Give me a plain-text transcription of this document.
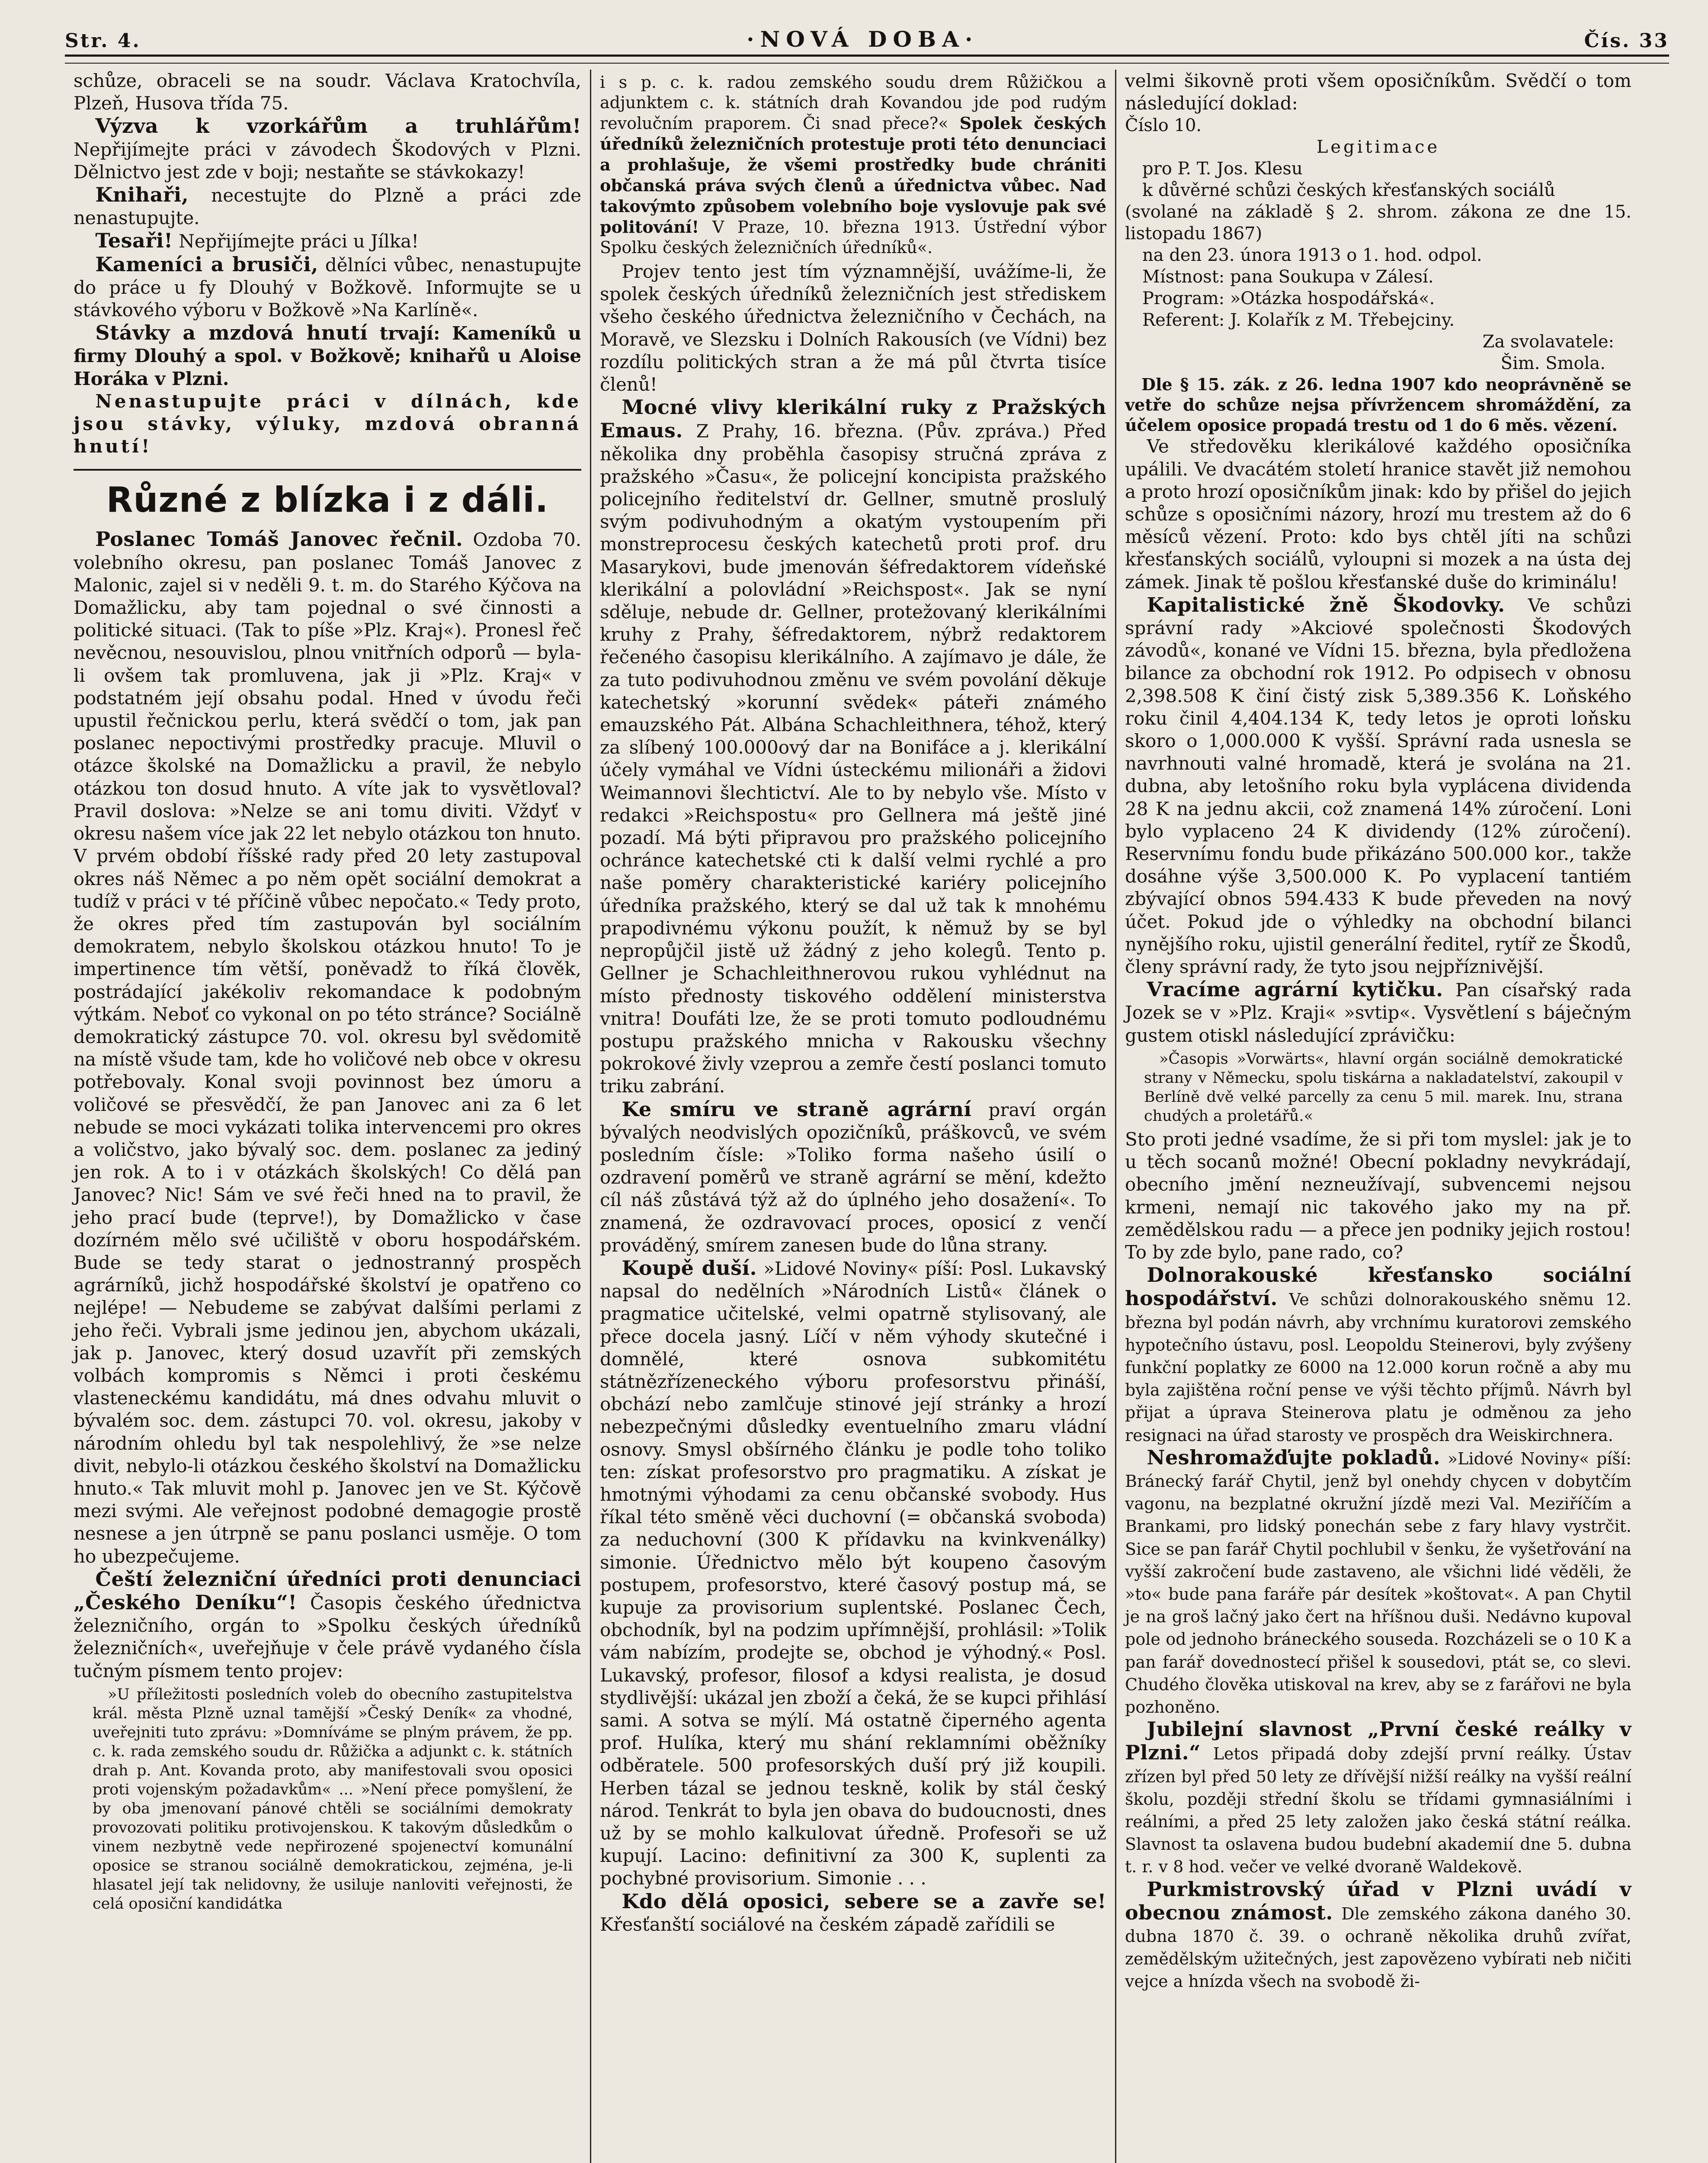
Str. 4.	·NOVÁ DOBA·	Čís. 33

schůze, obraceli se na soudr. Václava Kratochvíla, Plzeň, Husova třída 75.

Výzva k vzorkářům a truhlářům! Nepřijímejte práci v závodech Škodových v Plzni. Dělnictvo jest zde v boji; nestaňte se stávkokazy!

Knihaři, necestujte do Plzně a práci zde nenastupujte.

Tesaři! Nepřijímejte práci u Jílka!

Kameníci a brusiči, dělníci vůbec, nenastupujte do práce u fy Dlouhý v Božkově. Informujte se u stávkového výboru v Božkově »Na Karlíně«.

Stávky a mzdová hnutí trvají: Kameníků u firmy Dlouhý a spol. v Božkově; knihařů u Aloise Horáka v Plzni.

Nenastupujte práci v dílnách, kde jsou stávky, výluky, mzdová obranná hnutí!

Různé z blízka i z dáli.

Poslanec Tomáš Janovec řečnil. Ozdoba 70. volebního okresu, pan poslanec Tomáš Janovec z Malonic, zajel si v neděli 9. t. m. do Starého Kýčova na Domažlicku, aby tam pojednal o své činnosti a politické situaci. (Tak to píše »Plz. Kraj«). Pronesl řeč nevěcnou, nesouvislou, plnou vnitřních odporů — byla-li ovšem tak promluvena, jak ji »Plz. Kraj« v podstatném její obsahu podal. Hned v úvodu řeči upustil řečnickou perlu, která svědčí o tom, jak pan poslanec nepoctivými prostředky pracuje. Mluvil o otázce školské na Domažlicku a pravil, že nebylo otázkou ton dosud hnuto. A víte jak to vysvětloval? Pravil doslova: »Nelze se ani tomu diviti. Vždyť v okresu našem více jak 22 let nebylo otázkou ton hnuto. V prvém období říšské rady před 20 lety zastupoval okres náš Němec a po něm opět sociální demokrat a tudíž v práci v té příčině vůbec nepočato.« Tedy proto, že okres před tím zastupován byl sociálním demokratem, nebylo školskou otázkou hnuto! To je impertinence tím větší, poněvadž to říká člověk, postrádající jakékoliv rekomandace k podobným výtkám. Neboť co vykonal on po této stránce? Sociálně demokratický zástupce 70. vol. okresu byl svědomitě na místě všude tam, kde ho voličové neb obce v okresu potřebovaly. Konal svoji povinnost bez úmoru a voličové se přesvědčí, že pan Janovec ani za 6 let nebude se moci vykázati tolika intervencemi pro okres a voličstvo, jako bývalý soc. dem. poslanec za jediný jen rok. A to i v otázkách školských! Co dělá pan Janovec? Nic! Sám ve své řeči hned na to pravil, že jeho prací bude (teprve!), by Domažlicko v čase dozírném mělo své učiliště v oboru hospodářském. Bude se tedy starat o jednostranný prospěch agrárníků, jichž hospodářské školství je opatřeno co nejlépe! — Nebudeme se zabývat dalšími perlami z jeho řeči. Vybrali jsme jedinou jen, abychom ukázali, jak p. Janovec, který dosud uzavřít při zemských volbách kompromis s Němci i proti českému vlasteneckému kandidátu, má dnes odvahu mluvit o bývalém soc. dem. zástupci 70. vol. okresu, jakoby v národním ohledu byl tak nespolehlivý, že »se nelze divit, nebylo-li otázkou českého školství na Domažlicku hnuto.« Tak mluvit mohl p. Janovec jen ve St. Kýčově mezi svými. Ale veřejnost podobné demagogie prostě nesnese a jen útrpně se panu poslanci usměje. O tom ho ubezpečujeme.

Čeští železniční úředníci proti denunciaci „Českého Deníku“! Časopis českého úřednictva železničního, orgán to »Spolku českých úředníků železničních«, uveřejňuje v čele právě vydaného čísla tučným písmem tento projev:

»U příležitosti posledních voleb do obecního zastupitelstva král. města Plzně uznal tamější »Český Deník« za vhodné, uveřejniti tuto zprávu: »Domníváme se plným právem, že pp. c. k. rada zemského soudu dr. Růžička a adjunkt c. k. státních drah p. Ant. Kovanda proto, aby manifestovali svou oposici proti vojenským požadavkům« ... »Není přece pomyšlení, že by oba jmenovaní pánové chtěli se sociálními demokraty provozovati politiku protivojenskou. K takovým důsledkům o vinem nezbytně vede nepřirozené spojenectví komunální oposice se stranou sociálně demokratickou, zejména, je-li hlasatel její tak nelidovny, že usiluje nanloviti veřejnosti, že celá oposiční kandidátka

i s p. c. k. radou zemského soudu drem Růžičkou a adjunktem c. k. státních drah Kovandou jde pod rudým revolučním praporem. Či snad přece?« Spolek českých úředníků železničních protestuje proti této denunciaci a prohlašuje, že všemi prostředky bude chrániti občanská práva svých členů a úřednictva vůbec. Nad takovýmto způsobem volebního boje vyslovuje pak své politování! V Praze, 10. března 1913. Ústřední výbor Spolku českých železničních úředníků«.

Projev tento jest tím významnější, uvážíme-li, že spolek českých úředníků železničních jest střediskem všeho českého úřednictva železničního v Čechách, na Moravě, ve Slezsku i Dolních Rakousích (ve Vídni) bez rozdílu politických stran a že má půl čtvrta tisíce členů!

Mocné vlivy klerikální ruky z Pražských Emaus. Z Prahy, 16. března. (Pův. zpráva.) Před několika dny proběhla časopisy stručná zpráva z pražského »Času«, že policejní koncipista pražského policejního ředitelství dr. Gellner, smutně proslulý svým podivuhodným a okatým vystoupením při monstreprocesu českých katechetů proti prof. dru Masarykovi, bude jmenován šéfredaktorem vídeňské klerikální a polovládní »Reichspost«. Jak se nyní sděluje, nebude dr. Gellner, protežovaný klerikálními kruhy z Prahy, šéfredaktorem, nýbrž redaktorem řečeného časopisu klerikálního. A zajímavo je dále, že za tuto podivuhodnou změnu ve svém povolání děkuje katechetský »korunní svědek« páteři známého emauzského Pát. Albána Schachleithnera, téhož, který za slíbený 100.000ový dar na Bonifáce a j. klerikální účely vymáhal ve Vídni ústeckému milionáři a židovi Weimannovi šlechtictví. Ale to by nebylo vše. Místo v redakci »Reichspostu« pro Gellnera má ještě jiné pozadí. Má býti připravou pro pražského policejního ochránce katechetské cti k další velmi rychlé a pro naše poměry charakteristické kariéry policejního úředníka pražského, který se dal už tak k mnohému prapodivnému výkonu použít, k němuž by se byl nepropůjčil jistě už žádný z jeho kolegů. Tento p. Gellner je Schachleithnerovou rukou vyhlédnut na místo přednosty tiskového oddělení ministerstva vnitra! Doufáti lze, že se proti tomuto podloudnému postupu pražského mnicha v Rakousku všechny pokrokové živly vzeprou a zemře čestí poslanci tomuto triku zabrání.

Ke smíru ve straně agrární praví orgán bývalých neodvislých opozičníků, práškovců, ve svém posledním čísle: »Toliko forma našeho úsilí o ozdravení poměrů ve straně agrární se mění, kdežto cíl náš zůstává týž až do úplného jeho dosažení«. To znamená, že ozdravovací proces, oposicí z venčí prováděný, smírem zanesen bude do lůna strany.

Koupě duší. »Lidové Noviny« píší: Posl. Lukavský napsal do nedělních »Národních Listů« článek o pragmatice učitelské, velmi opatrně stylisovaný, ale přece docela jasný. Líčí v něm výhody skutečné i domnělé, které osnova subkomitétu státnězřízeneckého výboru profesorstvu přináší, obchází nebo zamlčuje stinové její stránky a hrozí nebezpečnými důsledky eventuelního zmaru vládní osnovy. Smysl obšírného článku je podle toho toliko ten: získat profesorstvo pro pragmatiku. A získat je hmotnými výhodami za cenu občanské svobody. Hus říkal této směně věci duchovní (= občanská svoboda) za neduchovní (300 K přídavku na kvinkvenálky) simonie. Úřednictvo mělo být koupeno časovým postupem, profesorstvo, které časový postup má, se kupuje za provisorium suplentské. Poslanec Čech, obchodník, byl na podzim upřímnější, prohlásil: »Tolik vám nabízím, prodejte se, obchod je výhodný.« Posl. Lukavský, profesor, filosof a kdysi realista, je dosud stydlivější: ukázal jen zboží a čeká, že se kupci přihlásí sami. A sotva se mýlí. Má ostatně čiperného agenta prof. Hulíka, který mu shání reklamními oběžníky odběratele. 500 profesorských duší prý již koupili. Herben tázal se jednou teskně, kolik by stál český národ. Tenkrát to byla jen obava do budoucnosti, dnes už by se mohlo kalkulovat úředně. Profesoři se už kupují. Lacino: definitivní za 300 K, suplenti za pochybné provisorium. Simonie . . .

Kdo dělá oposici, sebere se a zavře se! Křesťanští sociálové na českém západě zařídili se

velmi šikovně proti všem oposičníkům. Svědčí o tom následující doklad:

Číslo 10.

Legitimace

pro P. T. Jos. Klesu

k důvěrné schůzi českých křesťanských sociálů

(svolané na základě § 2. shrom. zákona ze dne 15. listopadu 1867)

na den 23. února 1913 o 1. hod. odpol.

Místnost: pana Soukupa v Zálesí.

Program: »Otázka hospodářská«.

Referent: J. Kolařík z M. Třebejciny.

Za svolavatele:

Šim. Smola.

Dle § 15. zák. z 26. ledna 1907 kdo neoprávněně se vetře do schůze nejsa přívržencem shromáždění, za účelem oposice propadá trestu od 1 do 6 měs. vězení.

Ve středověku klerikálové každého oposičníka upálili. Ve dvacátém století hranice stavět již nemohou a proto hrozí oposičníkům jinak: kdo by přišel do jejich schůze s oposičními názory, hrozí mu trestem až do 6 měsíců vězení. Proto: kdo bys chtěl jíti na schůzi křesťanských sociálů, vyloupni si mozek a na ústa dej zámek. Jinak tě pošlou křesťanské duše do kriminálu!

Kapitalistické žně Škodovky. Ve schůzi správní rady »Akciové společnosti Škodových závodů«, konané ve Vídni 15. března, byla předložena bilance za obchodní rok 1912. Po odpisech v obnosu 2,398.508 K činí čistý zisk 5,389.356 K. Loňského roku činil 4,404.134 K, tedy letos je oproti loňsku skoro o 1,000.000 K vyšší. Správní rada usnesla se navrhnouti valné hromadě, která je svolána na 21. dubna, aby letošního roku byla vyplácena dividenda 28 K na jednu akcii, což znamená 14% zúročení. Loni bylo vyplaceno 24 K dividendy (12% zúročení). Reservnímu fondu bude přikázáno 500.000 kor., takže dosáhne výše 3,500.000 K. Po vyplacení tantiém zbývající obnos 594.433 K bude převeden na nový účet. Pokud jde o výhledky na obchodní bilanci nynějšího roku, ujistil generální ředitel, rytíř ze Škodů, členy správní rady, že tyto jsou nejpříznivější.

Vracíme agrární kytičku. Pan císařský rada Jozek se v »Plz. Kraji« »svtip«. Vysvětlení s báječným gustem otiskl následující zprávičku:

»Časopis »Vorwärts«, hlavní orgán sociálně demokratické strany v Německu, spolu tiskárna a nakladatelství, zakoupil v Berlíně dvě velké parcelly za cenu 5 mil. marek. Inu, strana chudých a proletářů.«

Sto proti jedné vsadíme, že si při tom myslel: jak je to u těch socanů možné! Obecní pokladny nevykrádají, obecního jmění nezneužívají, subvencemi nejsou krmeni, nemají nic takového jako my na př. zemědělskou radu — a přece jen podniky jejich rostou! To by zde bylo, pane rado, co?

Dolnorakouské křesťansko sociální hospodářství. Ve schůzi dolnorakouského sněmu 12. března byl podán návrh, aby vrchnímu kuratorovi zemského hypotečního ústavu, posl. Leopoldu Steinerovi, byly zvýšeny funkční poplatky ze 6000 na 12.000 korun ročně a aby mu byla zajištěna roční pense ve výši těchto příjmů. Návrh byl přijat a úprava Steinerova platu je odměnou za jeho resignaci na úřad starosty ve prospěch dra Weiskirchnera.

Neshromažďujte pokladů. »Lidové Noviny« píší: Bránecký farář Chytil, jenž byl onehdy chycen v dobytčím vagonu, na bezplatné okružní jízdě mezi Val. Meziříčím a Brankami, pro lidský ponechán sebe z fary hlavy vystrčit. Sice se pan farář Chytil pochlubil v šenku, že vyšetřování na vyšší zakročení bude zastaveno, ale všichni lidé věděli, že »to« bude pana faráře pár desítek »koštovat«. A pan Chytil je na groš lačný jako čert na hříšnou duši. Nedávno kupoval pole od jednoho bráneckého souseda. Rozcházeli se o 10 K a pan farář dovednostecí přišel k sousedovi, ptát se, co slevi. Chudého člověka utiskoval na krev, aby se z farářovi ne byla pozhoněno.

Jubilejní slavnost „První české reálky v Plzni.“ Letos připadá doby zdejší první reálky. Ústav zřízen byl před 50 lety ze dřívější nižší reálky na vyšší reální školu, později střední školu se třídami gymnasiálními i reálními, a před 25 lety založen jako česká státní reálka. Slavnost ta oslavena budou budební akademií dne 5. dubna t. r. v 8 hod. večer ve velké dvoraně Waldekově.

Purkmistrovský úřad v Plzni uvádí v obecnou známost. Dle zemského zákona daného 30. dubna 1870 č. 39. o ochraně několika druhů zvířat, zemědělským užitečných, jest zapovězeno vybírati neb ničiti vejce a hnízda všech na svobodě ži-
